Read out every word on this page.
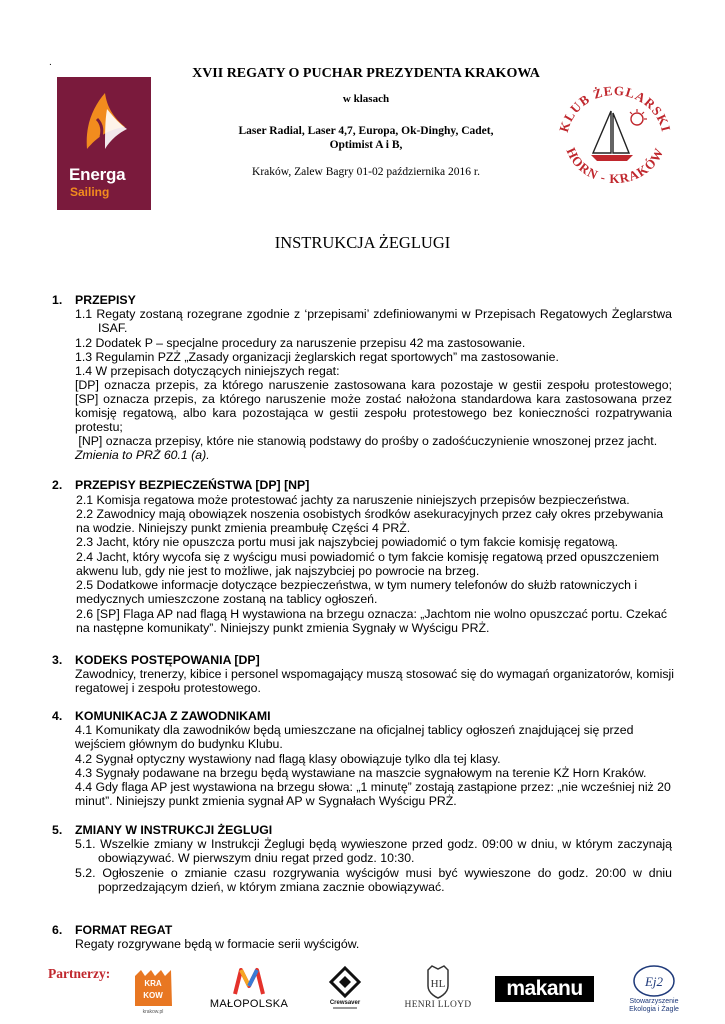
.
Energa
Sailing
XVII REGATY O PUCHAR PREZYDENTA KRAKOWA
w klasach
Laser Radial, Laser 4,7, Europa, Ok-Dinghy, Cadet,
Optimist A i B,
Kraków, Zalew Bagry 01-02 października 2016 r.
KLUB ŻEGLARSKI
HORN - KRAKÓW
INSTRUKCJA ŻEGLUGI
1. PRZEPISY
1.1 Regaty zostaną rozegrane zgodnie z ‘przepisami’ zdefiniowanymi w Przepisach Regatowych Żeglarstwa
ISAF.
1.2 Dodatek P – specjalne procedury za naruszenie przepisu 42 ma zastosowanie.
1.3 Regulamin PZŻ „Zasady organizacji żeglarskich regat sportowych” ma zastosowanie.
1.4 W przepisach dotyczących niniejszych regat:
[DP] oznacza przepis, za którego naruszenie zastosowana kara pozostaje w gestii zespołu protestowego;
[SP] oznacza przepis, za którego naruszenie może zostać nałożona standardowa kara zastosowana przez
komisję regatową, albo kara pozostająca w gestii zespołu protestowego bez konieczności rozpatrywania
protestu;
[NP] oznacza przepisy, które nie stanowią podstawy do prośby o zadośćuczynienie wnoszonej przez jacht.
Zmienia to PRŻ 60.1 (a).
2. PRZEPISY BEZPIECZEŃSTWA [DP] [NP]
2.1 Komisja regatowa może protestować jachty za naruszenie niniejszych przepisów bezpieczeństwa.
2.2 Zawodnicy mają obowiązek noszenia osobistych środków asekuracyjnych przez cały okres przebywania
na wodzie. Niniejszy punkt zmienia preambułę Części 4 PRŻ.
2.3 Jacht, który nie opuszcza portu musi jak najszybciej powiadomić o tym fakcie komisję regatową.
2.4 Jacht, który wycofa się z wyścigu musi powiadomić o tym fakcie komisję regatową przed opuszczeniem
akwenu lub, gdy nie jest to możliwe, jak najszybciej po powrocie na brzeg.
2.5 Dodatkowe informacje dotyczące bezpieczeństwa, w tym numery telefonów do służb ratowniczych i
medycznych umieszczone zostaną na tablicy ogłoszeń.
2.6 [SP] Flaga AP nad flagą H wystawiona na brzegu oznacza: „Jachtom nie wolno opuszczać portu. Czekać
na następne komunikaty”. Niniejszy punkt zmienia Sygnały w Wyścigu PRŻ.
3. KODEKS POSTĘPOWANIA [DP]
Zawodnicy, trenerzy, kibice i personel wspomagający muszą stosować się do wymagań organizatorów, komisji
regatowej i zespołu protestowego.
4. KOMUNIKACJA Z ZAWODNIKAMI
4.1 Komunikaty dla zawodników będą umieszczane na oficjalnej tablicy ogłoszeń znajdującej się przed
wejściem głównym do budynku Klubu.
4.2 Sygnał optyczny wystawiony nad flagą klasy obowiązuje tylko dla tej klasy.
4.3 Sygnały podawane na brzegu będą wystawiane na maszcie sygnałowym na terenie KŻ Horn Kraków.
4.4 Gdy flaga AP jest wystawiona na brzegu słowa: „1 minutę” zostają zastąpione przez: „nie wcześniej niż 20
minut”. Niniejszy punkt zmienia sygnał AP w Sygnałach Wyścigu PRŻ.
5. ZMIANY W INSTRUKCJI ŻEGLUGI
5.1. Wszelkie zmiany w Instrukcji Żeglugi będą wywieszone przed godz. 09:00 w dniu, w którym zaczynają
obowiązywać. W pierwszym dniu regat przed godz. 10:30.
5.2. Ogłoszenie o zmianie czasu rozgrywania wyścigów musi być wywieszone do godz. 20:00 w dniu
poprzedzającym dzień, w którym zmiana zacznie obowiązywać.
6. FORMAT REGAT
Regaty rozgrywane będą w formacie serii wyścigów.
Partnerzy:
KRA
KOW
krakow.pl
MAŁOPOLSKA	Crewsaver
HL
HENRI LLOYD
makanu	Ej2
Stowarzyszenie
Ekologia i Żagle
